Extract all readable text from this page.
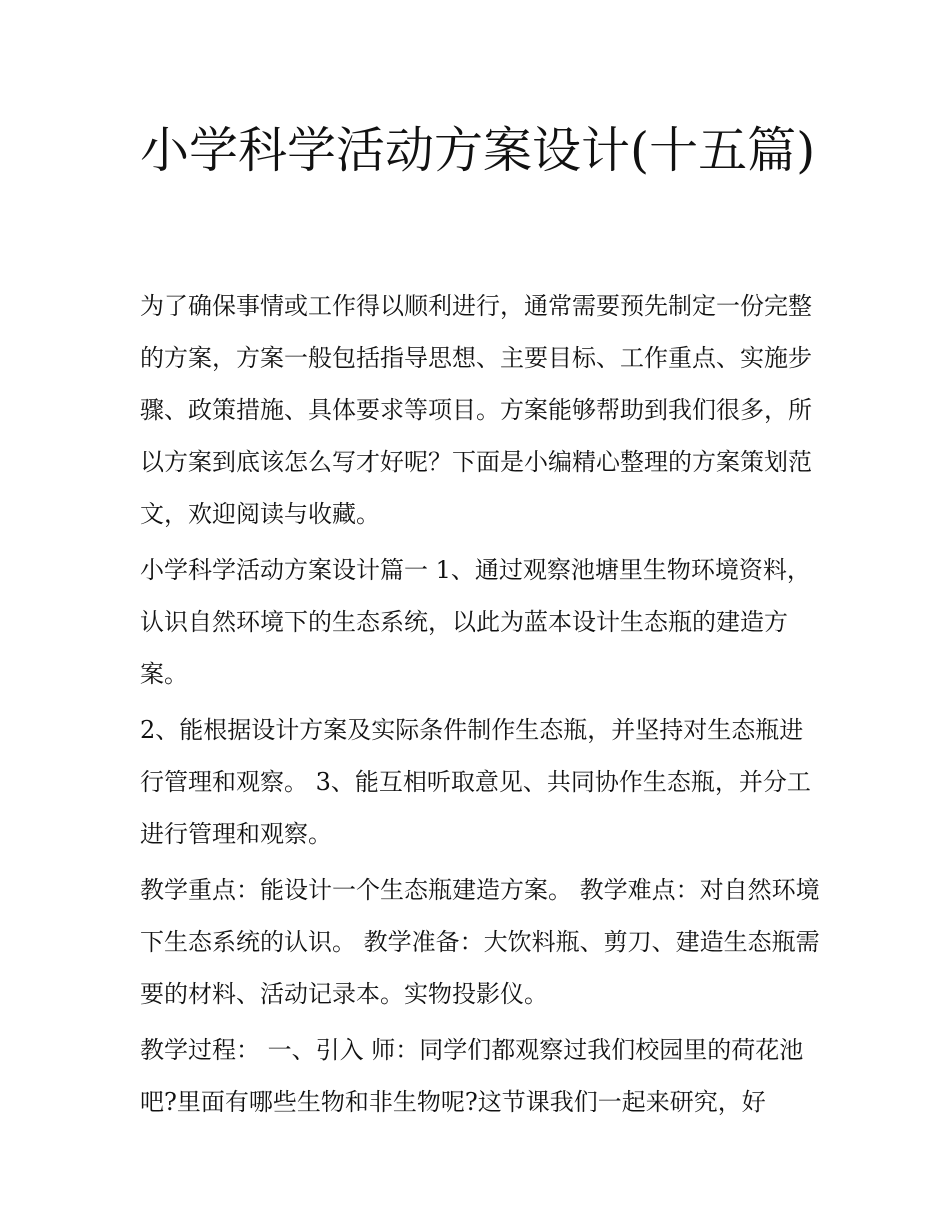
小学科学活动方案设计(十五篇)

为了确保事情或工作得以顺利进行，通常需要预先制定一份完整的方案，方案一般包括指导思想、主要目标、工作重点、实施步骤、政策措施、具体要求等项目。方案能够帮助到我们很多，所以方案到底该怎么写才好呢？下面是小编精心整理的方案策划范文，欢迎阅读与收藏。

小学科学活动方案设计篇一 1、通过观察池塘里生物环境资料，认识自然环境下的生态系统，以此为蓝本设计生态瓶的建造方案。

2、能根据设计方案及实际条件制作生态瓶，并坚持对生态瓶进行管理和观察。 3、能互相听取意见、共同协作生态瓶，并分工进行管理和观察。

教学重点：能设计一个生态瓶建造方案。 教学难点：对自然环境下生态系统的认识。 教学准备：大饮料瓶、剪刀、建造生态瓶需要的材料、活动记录本。实物投影仪。

教学过程： 一、引入 师：同学们都观察过我们校园里的荷花池吧?里面有哪些生物和非生物呢?这节课我们一起来研究，好
